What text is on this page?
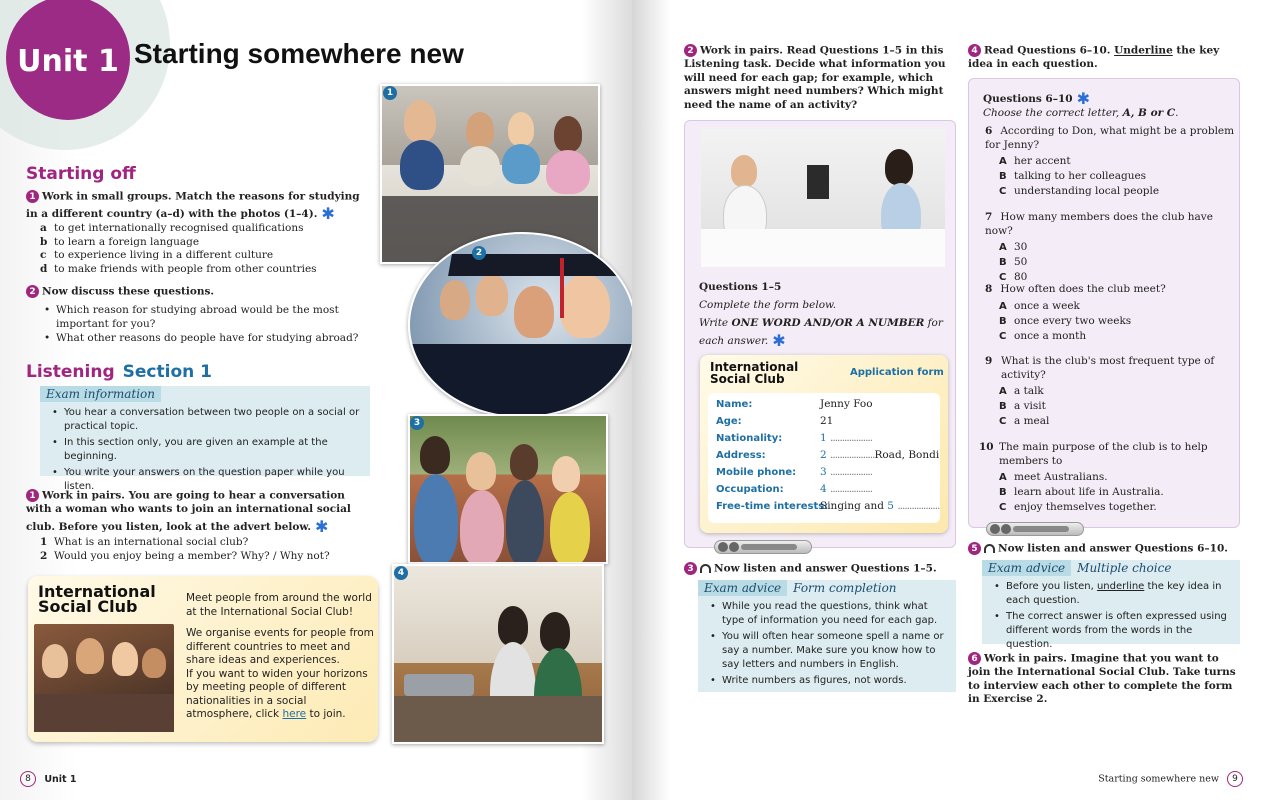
Unit 1 Starting somewhere new
Starting off
1 Work in small groups. Match the reasons for studying in a different country (a–d) with the photos (1–4). ✱
a to get internationally recognised qualifications
b to learn a foreign language
c to experience living in a different culture
d to make friends with people from other countries
2 Now discuss these questions.
• Which reason for studying abroad would be the most important for you?
• What other reasons do people have for studying abroad?
Listening Section 1
Exam information
• You hear a conversation between two people on a social or practical topic.
• In this section only, you are given an example at the beginning.
• You write your answers on the question paper while you listen.
1 Work in pairs. You are going to hear a conversation with a woman who wants to join an international social club. Before you listen, look at the advert below. ✱
1 What is an international social club?
2 Would you enjoy being a member? Why? / Why not?
International
Social Club	Meet people from around the world at the International Social Club!

We organise events for people from different countries to meet and share ideas and experiences.

If you want to widen your horizons by meeting people of different nationalities in a social atmosphere, click here to join.

1
2
3
4
8 Unit 1
2 Work in pairs. Read Questions 1–5 in this Listening task. Decide what information you will need for each gap; for example, which answers might need numbers? Which might need the name of an activity?
Questions 1–5
Complete the form below.
Write ONE WORD AND/OR A NUMBER for each answer. ✱
International
Social Club	Application form
Name:	Jenny Foo
Age:	21
Nationality:	1 ..................
Address:	2 ...................Road, Bondi
Mobile phone: 3 ..................
Occupation:	4 ..................
Free-time interests:
Singing and 5 ..................
3 Now listen and answer Questions 1–5.
Exam advice Form completion
• While you read the questions, think what type of information you need for each gap.
• You will often hear someone spell a name or say a number. Make sure you know how to say letters and numbers in English.
• Write numbers as figures, not words.
4 Read Questions 6–10. Underline the key idea in each question.
Questions 6–10 ✱
Choose the correct letter, A, B or C.
6 According to Don, what might be a problem for Jenny?
A her accent
B talking to her colleagues
C understanding local people
7 How many members does the club have now?
A 30
B 50
C 80
8 How often does the club meet?
A once a week
B once every two weeks
C once a month
9 What is the club's most frequent type of activity?
A a talk
B a visit
C a meal
10 The main purpose of the club is to help members to
A meet Australians.
B learn about life in Australia.
C enjoy themselves together.
5 Now listen and answer Questions 6–10.
Exam advice Multiple choice
• Before you listen, underline the key idea in each question.
• The correct answer is often expressed using different words from the words in the question.
6 Work in pairs. Imagine that you want to join the International Social Club. Take turns to interview each other to complete the form in Exercise 2.
Starting somewhere new 9
